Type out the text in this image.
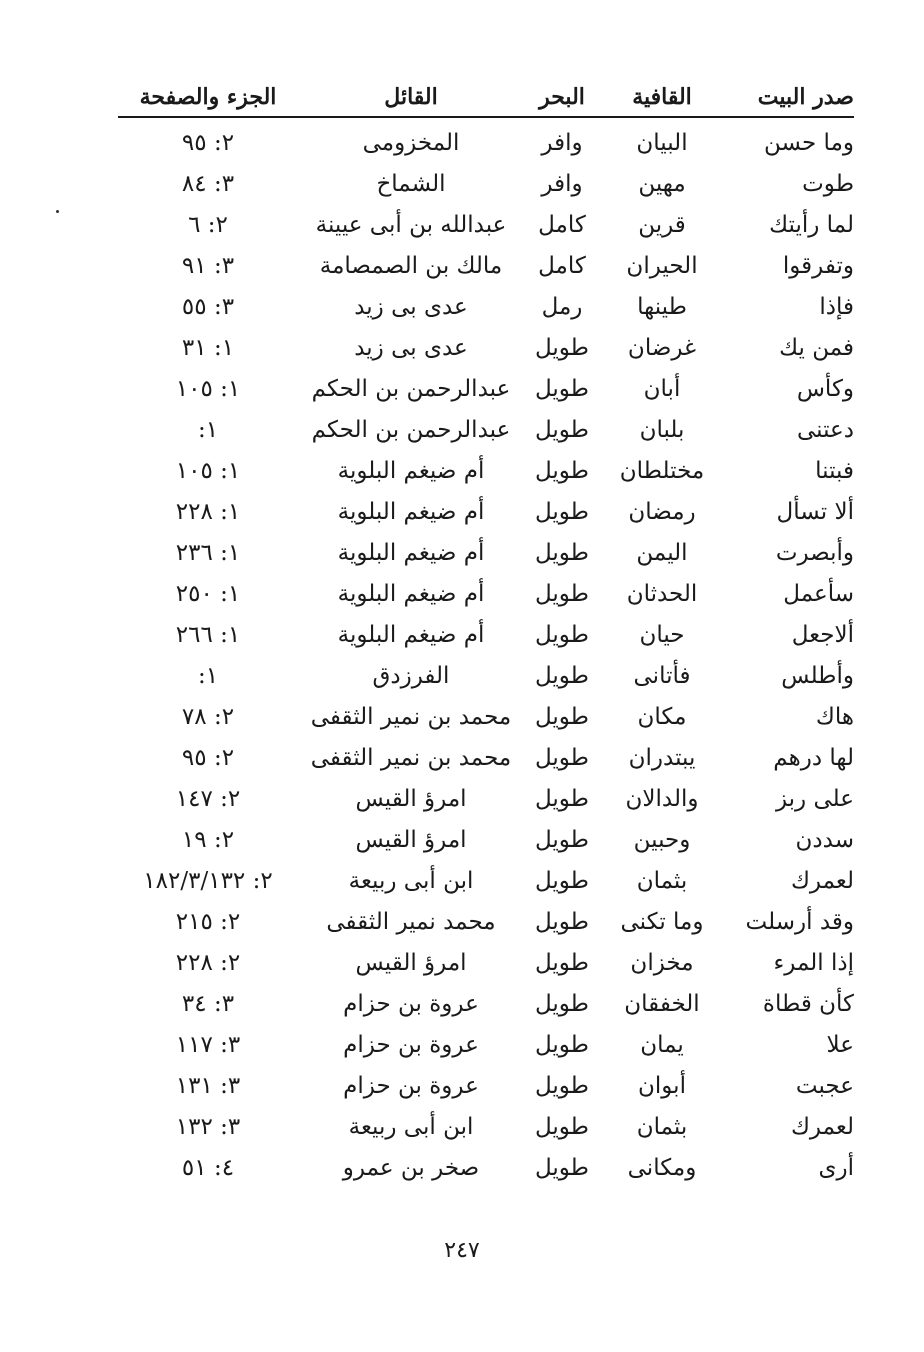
صدر البيت
القافية
البحر
القائل
الجزء والصفحة
وما حسن
البيان
وافر
المخزومى
٢: ٩٥
طوت
مهين
وافر
الشماخ
٣: ٨٤
لما رأيتك
قرين
كامل
عبدالله بن أبى عيينة
٢: ٦
وتفرقوا
الحيران
كامل
مالك بن الصمصامة
٣: ٩١
فإذا
طينها
رمل
عدى بى زيد
٣: ٥٥
فمن يك
غرضان
طويل
عدى بى زيد
١: ٣١
وكأس
أبان
طويل
عبدالرحمن بن الحكم
١: ١٠٥
دعتنى
بلبان
طويل
عبدالرحمن بن الحكم
١:
فبتنا
مختلطان
طويل
أم ضيغم البلوية
١: ١٠٥
ألا تسأل
رمضان
طويل
أم ضيغم البلوية
١: ٢٢٨
وأبصرت
اليمن
طويل
أم ضيغم البلوية
١: ٢٣٦
سأعمل
الحدثان
طويل
أم ضيغم البلوية
١: ٢٥٠
ألاجعل
حيان
طويل
أم ضيغم البلوية
١: ٢٦٦
وأطلس
فأتانى
طويل
الفرزدق
١:
هاك
مكان
طويل
محمد بن نمير الثقفى
٢: ٧٨
لها درهم
يبتدران
طويل
محمد بن نمير الثقفى
٢: ٩٥
على ربز
والدالان
طويل
امرؤ القيس
٢: ١٤٧
سددن
وحبين
طويل
امرؤ القيس
٢: ١٩
لعمرك
بثمان
طويل
ابن أبى ربيعة
٢: ١٨٢/٣/١٣٢
وقد أرسلت
وما تكنى
طويل
محمد نمير الثقفى
٢: ٢١٥
إذا المرء
مخزان
طويل
امرؤ القيس
٢: ٢٢٨
كأن قطاة
الخفقان
طويل
عروة بن حزام
٣: ٣٤
علا
يمان
طويل
عروة بن حزام
٣: ١١٧
عجبت
أبوان
طويل
عروة بن حزام
٣: ١٣١
لعمرك
بثمان
طويل
ابن أبى ربيعة
٣: ١٣٢
أرى
ومكانى
طويل
صخر بن عمرو
٤: ٥١
٢٤٧
